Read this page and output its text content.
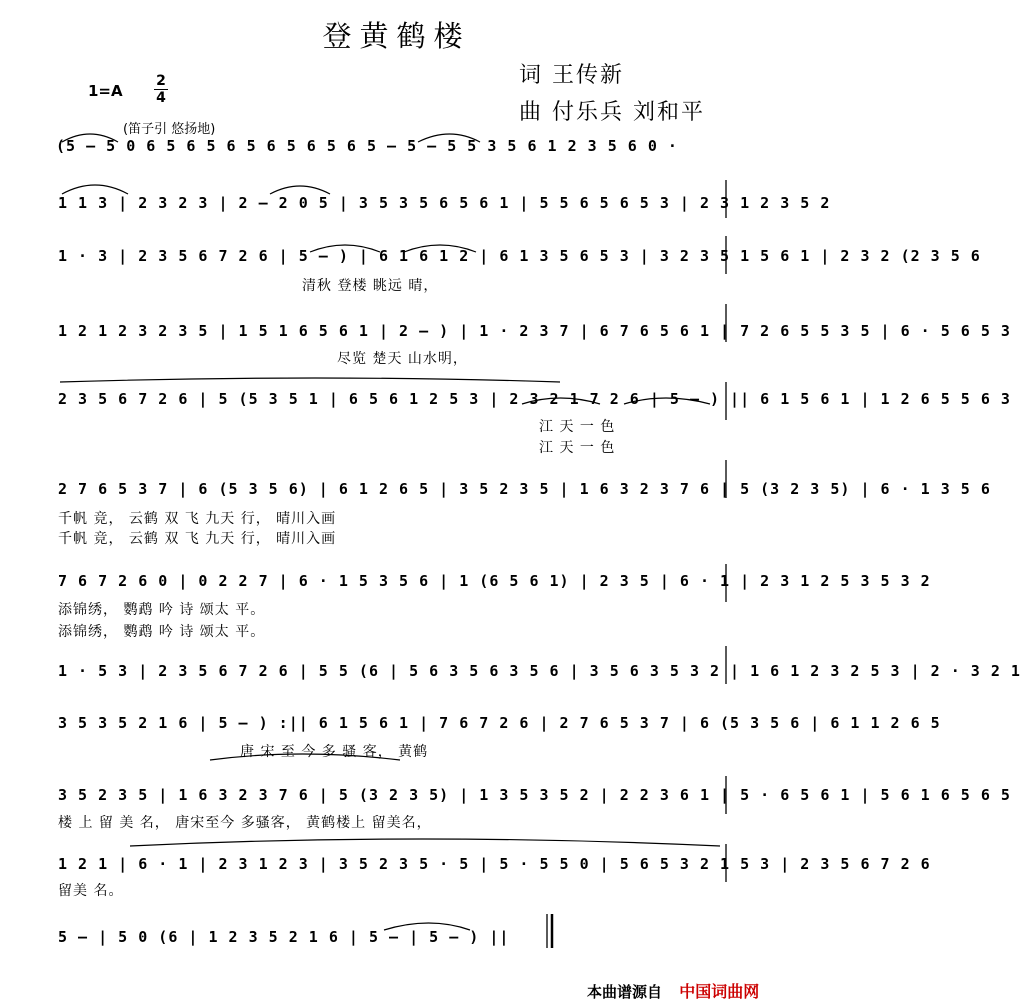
登黄鹤楼
词 王传新
曲 付乐兵 刘和平
1=A
2
4
(笛子引 悠扬地)
(5 – 5 0 6 5 6 5 6 5 6 5 6 5 6 5 – 5 – 5 5 3 5 6 1 2 3 5 6 0 ·
1 1 3 | 2 3 2 3 | 2 – 2 0 5 | 3 5 3 5 6 5 6 1 | 5 5 6 5 6 5 3 | 2 3 1 2 3 5 2
1 · 3 | 2 3 5 6 7 2 6 | 5 – ) | 6 1 6 1 2 | 6 1 3 5 6 5 3 | 3 2 3 5 1 5 6 1 | 2 3 2 (2 3 5 6
清秋 登楼 眺远 晴，
1 2 1 2 3 2 3 5 | 1 5 1 6 5 6 1 | 2 – ) | 1 · 2 3 7 | 6 7 6 5 6 1 | 7 2 6 5 5 3 5 | 6 · 5 6 5 3
尽览 楚天 山水明，
2 3 5 6 7 2 6 | 5 (5 3 5 1 | 6 5 6 1 2 5 3 | 2 3 2 1 7 2 6 | 5 – ) || 6 1 5 6 1 | 1 2 6 5 5 6 3
江 天 一 色
江 天 一 色
2 7 6 5 3 7 | 6 (5 3 5 6) | 6 1 2 6 5 | 3 5 2 3 5 | 1 6 3 2 3 7 6 | 5 (3 2 3 5) | 6 · 1 3 5 6
千帆 竞， 云鹤 双 飞 九天 行， 晴川入画
千帆 竞， 云鹤 双 飞 九天 行， 晴川入画
7 6 7 2 6 0 | 0 2 2 7 | 6 · 1 5 3 5 6 | 1 (6 5 6 1) | 2 3 5 | 6 · 1 | 2 3 1 2 5 3 5 3 2
添锦绣， 鹦鹉 吟 诗 颂太 平。
添锦绣， 鹦鹉 吟 诗 颂太 平。
1 · 5 3 | 2 3 5 6 7 2 6 | 5 5 (6 | 5 6 3 5 6 3 5 6 | 3 5 6 3 5 3 2 | 1 6 1 2 3 2 5 3 | 2 · 3 2 1
3 5 3 5 2 1 6 | 5 – ) :|| 6 1 5 6 1 | 7 6 7 2 6 | 2 7 6 5 3 7 | 6 (5 3 5 6 | 6 1 1 2 6 5
唐 宋 至 今 多 骚 客， 黄鹤
3 5 2 3 5 | 1 6 3 2 3 7 6 | 5 (3 2 3 5) | 1 3 5 3 5 2 | 2 2 3 6 1 | 5 · 6 5 6 1 | 5 6 1 6 5 6 5
楼 上 留 美 名， 唐宋至今 多骚客， 黄鹤楼上 留美名，
1 2 1 | 6 · 1 | 2 3 1 2 3 | 3 5 2 3 5 · 5 | 5 · 5 5 0 | 5 6 5 3 2 1 5 3 | 2 3 5 6 7 2 6
留美 名。
5 – | 5 0 (6 | 1 2 3 5 2 1 6 | 5 – | 5 – ) ||
本曲谱源自 中国词曲网
